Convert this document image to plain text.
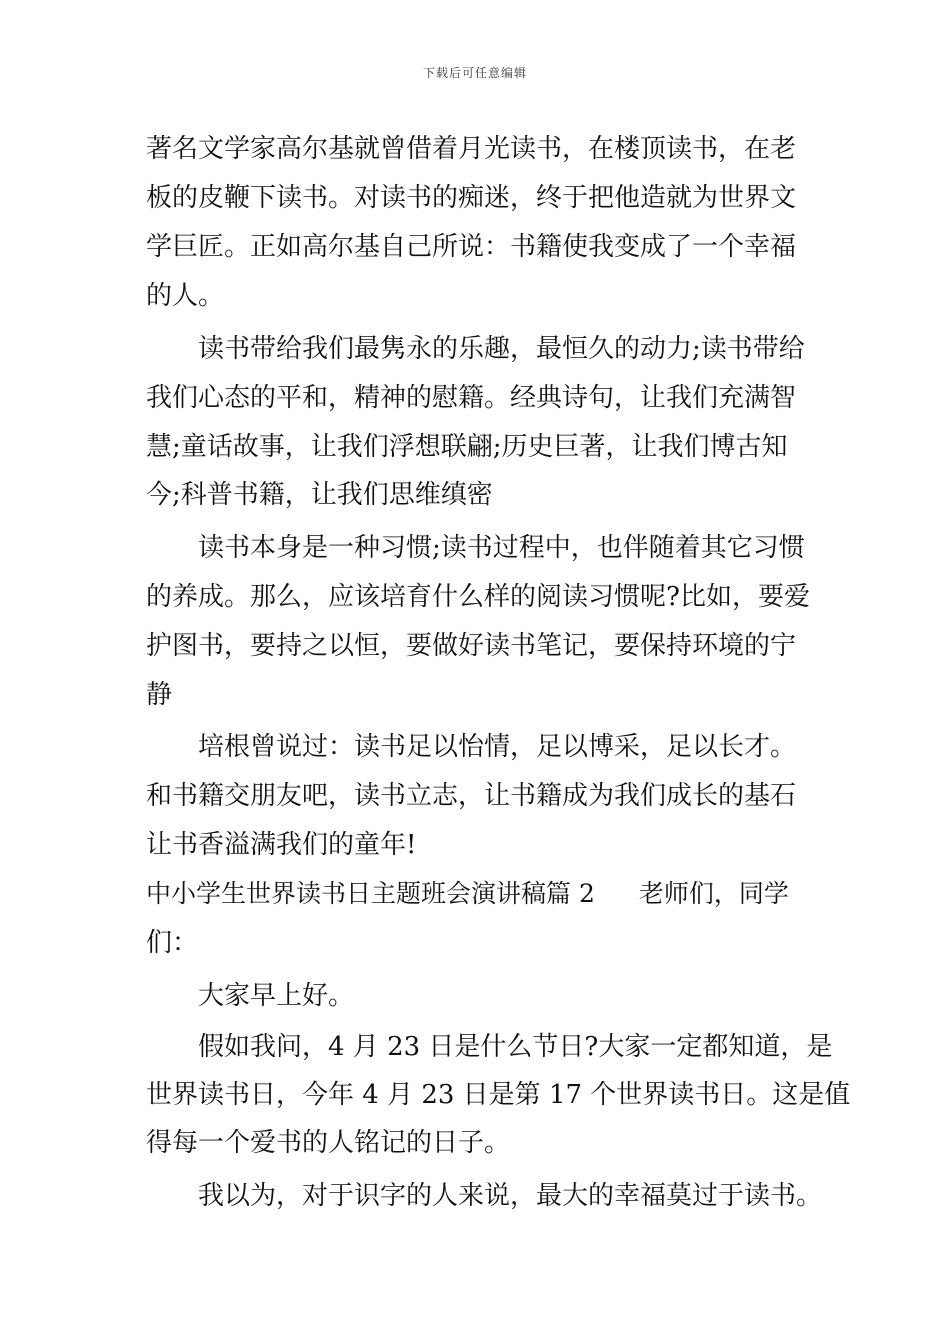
下载后可任意编辑
著名文学家高尔基就曾借着月光读书，在楼顶读书，在老
板的皮鞭下读书。对读书的痴迷，终于把他造就为世界文
学巨匠。正如高尔基自己所说：书籍使我变成了一个幸福
的人。
读书带给我们最隽永的乐趣，最恒久的动力;读书带给
我们心态的平和，精神的慰籍。经典诗句，让我们充满智
慧;童话故事，让我们浮想联翩;历史巨著，让我们博古知
今;科普书籍，让我们思维缜密
读书本身是一种习惯;读书过程中，也伴随着其它习惯
的养成。那么，应该培育什么样的阅读习惯呢?比如，要爱
护图书，要持之以恒，要做好读书笔记，要保持环境的宁
静
培根曾说过：读书足以怡情，足以博采，足以长才。
和书籍交朋友吧，读书立志，让书籍成为我们成长的基石
让书香溢满我们的童年!
中小学生世界读书日主题班会演讲稿篇 2 老师们，同学
们：
大家早上好。
假如我问，4 月 23 日是什么节日?大家一定都知道，是
世界读书日，今年 4 月 23 日是第 17 个世界读书日。这是值
得每一个爱书的人铭记的日子。
我以为，对于识字的人来说，最大的幸福莫过于读书。
